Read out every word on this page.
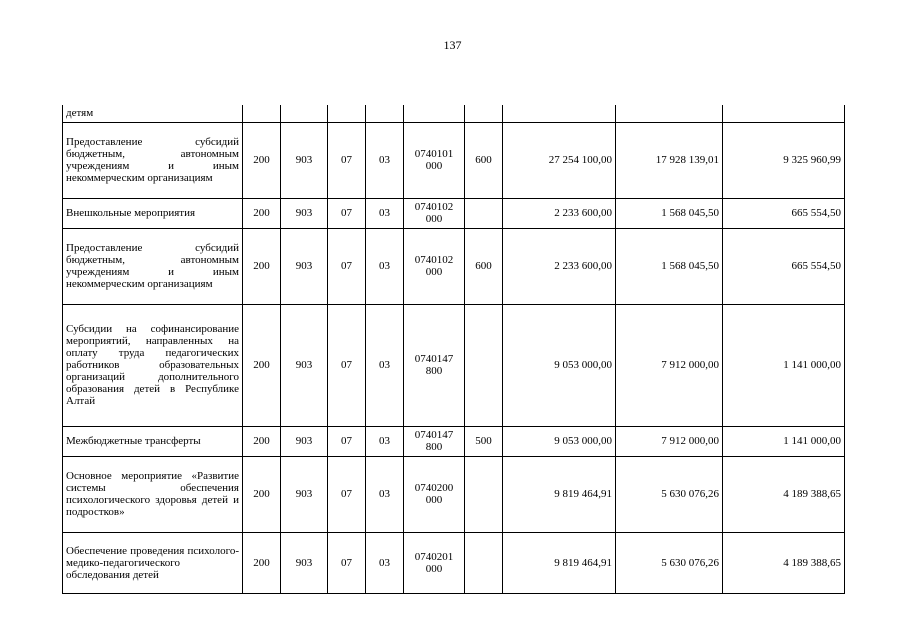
137
детям									
Предоставление субсидий бюджетным, автономным учреждениям и иным некоммерческим организациям	200	903	07	03	0740101 000	600	27 254 100,00	17 928 139,01	9 325 960,99
Внешкольные мероприятия	200	903	07	03	0740102 000		2 233 600,00	1 568 045,50	665 554,50
Предоставление субсидий бюджетным, автономным учреждениям и иным некоммерческим организациям	200	903	07	03	0740102 000	600	2 233 600,00	1 568 045,50	665 554,50
Субсидии на софинансирование мероприятий, направленных на оплату труда педагогических работников образовательных организаций дополнительного образования детей в Республике Алтай	200	903	07	03	0740147 800		9 053 000,00	7 912 000,00	1 141 000,00
Межбюджетные трансферты	200	903	07	03	0740147 800	500	9 053 000,00	7 912 000,00	1 141 000,00
Основное мероприятие «Развитие системы обеспечения психологического здоровья детей и подростков»	200	903	07	03	0740200 000		9 819 464,91	5 630 076,26	4 189 388,65
Обеспечение проведения психолого-медико-педагогического обследования детей	200	903	07	03	0740201 000		9 819 464,91	5 630 076,26	4 189 388,65
